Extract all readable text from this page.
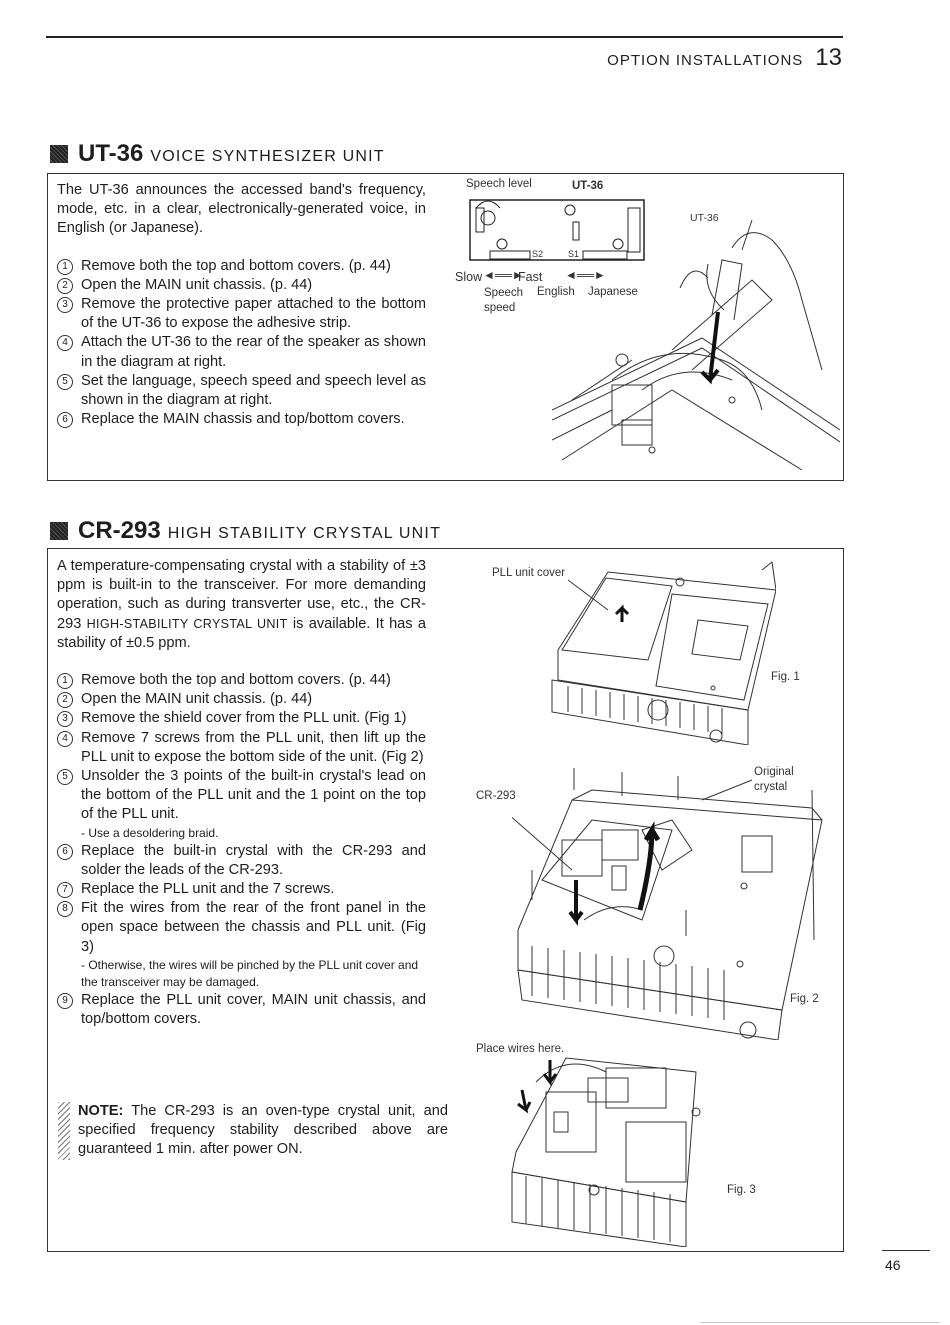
OPTION INSTALLATIONS 13
UT-36 VOICE SYNTHESIZER UNIT

The UT-36 announces the accessed band's frequency, mode, etc. in a clear, electronically-generated voice, in English (or Japanese).

1 Remove both the top and bottom covers. (p. 44)
2 Open the MAIN unit chassis. (p. 44)
3 Remove the protective paper attached to the bottom of the UT-36 to expose the adhesive strip.
4 Attach the UT-36 to the rear of the speaker as shown in the diagram at right.
5 Set the language, speech speed and speech level as shown in the diagram at right.
6 Replace the MAIN chassis and top/bottom covers.
Speech level	UT-36
S2	S1
Slow ◄══►
Fast ◄══►
Speech
speed
English Japanese
UT-36
CR-293 HIGH STABILITY CRYSTAL UNIT

A temperature-compensating crystal with a stability of ±3 ppm is built-in to the transceiver. For more demanding operation, such as during transverter use, etc., the CR-293 HIGH-STABILITY CRYSTAL UNIT is available. It has a stability of ±0.5 ppm.

1 Remove both the top and bottom covers. (p. 44)
2 Open the MAIN unit chassis. (p. 44)
3 Remove the shield cover from the PLL unit. (Fig 1)
4 Remove 7 screws from the PLL unit, then lift up the PLL unit to expose the bottom side of the unit. (Fig 2)
5 Unsolder the 3 points of the built-in crystal's lead on the bottom of the PLL unit and the 1 point on the top of the PLL unit.
- Use a desoldering braid.
6 Replace the built-in crystal with the CR-293 and solder the leads of the CR-293.
7 Replace the PLL unit and the 7 screws.
8 Fit the wires from the rear of the front panel in the open space between the chassis and PLL unit. (Fig 3)
- Otherwise, the wires will be pinched by the PLL unit cover and the transceiver may be damaged.
9 Replace the PLL unit cover, MAIN unit chassis, and top/bottom covers.
NOTE: The CR-293 is an oven-type crystal unit, and specified frequency stability described above are guaranteed 1 min. after power ON.
PLL unit cover
Fig. 1
CR-293
Original
crystal
Fig. 2
Place wires here.
Fig. 3
46
